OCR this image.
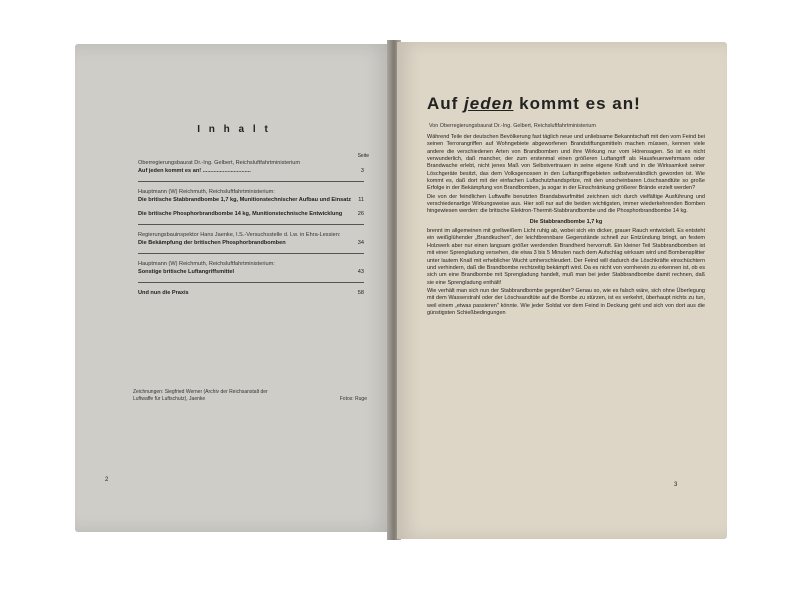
I n h a l t
Seite
Oberregierungsbaurat Dr.-Ing. Gelbert, Reichsluftfahrtministerium
Auf jeden kommt es an! ...............................	3
Hauptmann (W) Reichmuth, Reichsluftfahrtministerium:
Die britische Stabbrandbombe 1,7 kg, Munitionstechnischer Aufbau und Einsatz 11
Die britische Phosphorbrandbombe 14 kg, Munitionstechnische Entwicklung	26
Regierungsbauinspektor Hans Jaenke, I.S.-Versuchsstelle d. Lw. in Ehra-Lessien:
Die Bekämpfung der britischen Phosphorbrandbomben	34
Hauptmann (W) Reichmuth, Reichsluftfahrtministerium:
Sonstige britische Luftangriffsmittel	43
Und nun die Praxis	58
Zeichnungen: Siegfried Werner (Archiv der Reichsanstalt der
Luftwaffe für Luftschutz), Jaenke	Fotos: Ruge
2
Auf jeden kommt es an!
Von Oberregierungsbaurat Dr.-Ing. Gelbert, Reichsluftfahrtministerium

Während Teile der deutschen Bevölkerung fast täglich neue und unliebsame Bekanntschaft mit den vom Feind bei seinen Terrorangriffen auf Wohngebiete abgeworfenen Brandstiftungsmitteln machen müssen, kennen viele andere die verschiedenen Arten von Brandbomben und ihre Wirkung nur vom Hörensagen. So ist es nicht verwunderlich, daß mancher, der zum erstenmal einen größeren Luftangriff als Hausfeuerwehrmann oder Brandwache erlebt, nicht jenes Maß von Selbstvertrauen in seine eigene Kraft und in die Wirksamkeit seiner Löschgeräte besitzt, das dem Volksgenossen in den Luftangriffsgebieten selbstverständlich geworden ist. Wie kommt es, daß dort mit der einfachen Luftschutzhandspritze, mit den unscheinbaren Löschsandtüte so große Erfolge in der Bekämpfung von Brandbomben, ja sogar in der Einschränkung größerer Brände erzielt werden?

Die von der feindlichen Luftwaffe benutzten Brandabwurfmittel zeichnen sich durch vielfältige Ausführung und verschiedenartige Wirkungsweise aus. Hier soll nur auf die beiden wichtigsten, immer wiederkehrenden Bomben hingewiesen werden: die britische Elektron-Thermit-Stabbrandbombe und die Phosphorbrandbombe 14 kg.

Die Stabbrandbombe 1,7 kg

brennt im allgemeinen mit grellweißem Licht ruhig ab, wobei sich ein dicker, grauer Rauch entwickelt. Es entsteht ein weißglühender „Brandkuchen", der leichtbrennbare Gegenstände schnell zur Entzündung bringt, an festem Holzwerk aber nur einen langsam größer werdenden Brandherd hervorruft. Ein kleiner Teil Stabbrandbomben ist mit einer Sprengladung versehen, die etwa 3 bis 5 Minuten nach dem Aufschlag wirksam wird und Bombensplitter unter lautem Knall mit erheblicher Wucht umherschleudert. Der Feind will dadurch die Löschkräfte einschüchtern und verhindern, daß die Brandbombe rechtzeitig bekämpft wird. Da es nicht von vornherein zu erkennen ist, ob es sich um eine Brandbombe mit Sprengladung handelt, muß man bei jeder Stabbrandbombe damit rechnen, daß sie eine Sprengladung enthält!

Wie verhält man sich nun der Stabbrandbombe gegenüber? Genau so, wie es falsch wäre, sich ohne Überlegung mit dem Wasserstrahl oder der Löschsandtüte auf die Bombe zu stürzen, ist es verkehrt, überhaupt nichts zu tun, weil einem „etwas passieren" könnte. Wie jeder Soldat vor dem Feind in Deckung geht und sich von dort aus die günstigsten Schießbedingungen

3
